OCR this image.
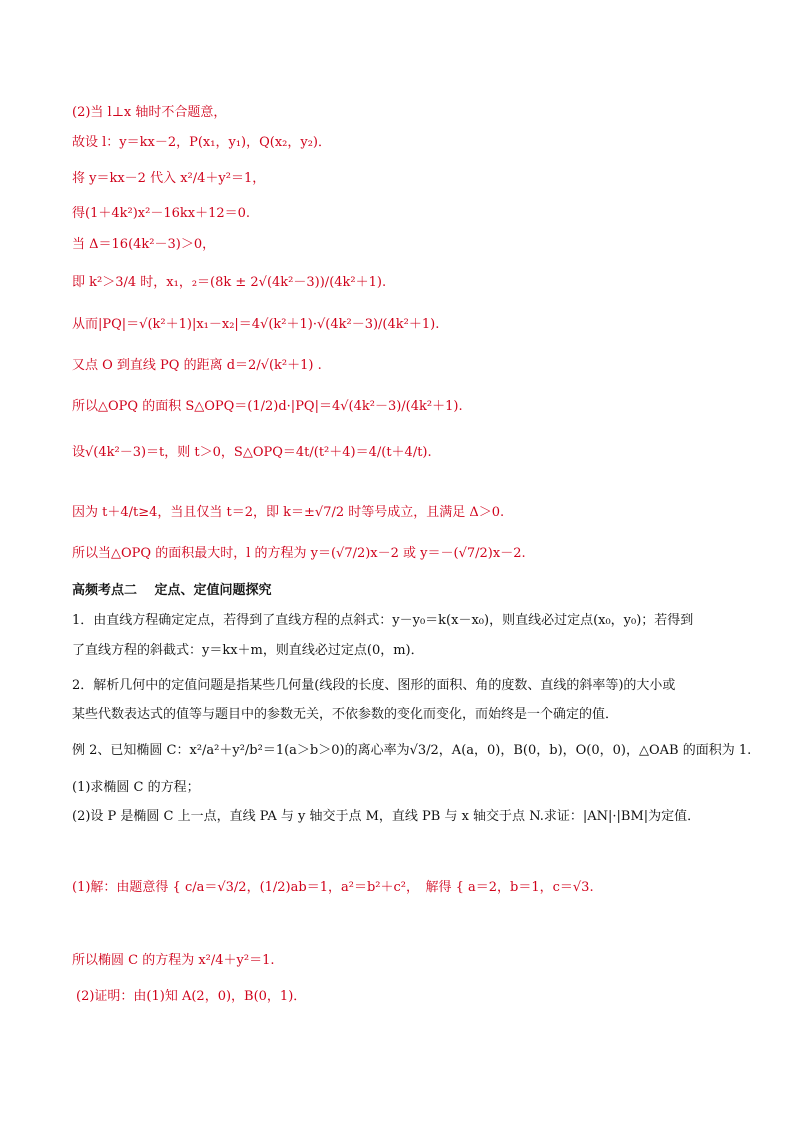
(2)当 l⊥x 轴时不合题意，
故设 l：y＝kx－2，P(x₁，y₁)，Q(x₂，y₂)．
将 y＝kx－2 代入 x²/4＋y²＝1，
得(1＋4k²)x²－16kx＋12＝0.
当 Δ＝16(4k²－3)＞0，
即 k²＞3/4 时，x₁，₂＝(8k ± 2√(4k²－3))/(4k²＋1).
从而|PQ|＝√(k²＋1)|x₁－x₂|＝4√(k²＋1)·√(4k²－3)/(4k²＋1).
又点 O 到直线 PQ 的距离 d＝2/√(k²＋1) .
所以△OPQ 的面积 S△OPQ＝(1/2)d·|PQ|＝4√(4k²－3)/(4k²＋1).
设√(4k²－3)＝t，则 t＞0，S△OPQ＝4t/(t²＋4)＝4/(t＋4/t).
因为 t＋4/t≥4，当且仅当 t＝2，即 k＝±√7/2 时等号成立，且满足 Δ＞0.
所以当△OPQ 的面积最大时，l 的方程为 y＝(√7/2)x－2 或 y＝－(√7/2)x－2.
高频考点二　 定点、定值问题探究
1．由直线方程确定定点，若得到了直线方程的点斜式：y－y₀＝k(x－x₀)，则直线必过定点(x₀，y₀)；若得到
了直线方程的斜截式：y＝kx＋m，则直线必过定点(0，m)．
2．解析几何中的定值问题是指某些几何量(线段的长度、图形的面积、角的度数、直线的斜率等)的大小或
某些代数表达式的值等与题目中的参数无关，不依参数的变化而变化，而始终是一个确定的值．
例 2、已知椭圆 C：x²/a²＋y²/b²＝1(a＞b＞0)的离心率为√3/2，A(a，0)，B(0，b)，O(0，0)，△OAB 的面积为 1.
(1)求椭圆 C 的方程；
(2)设 P 是椭圆 C 上一点，直线 PA 与 y 轴交于点 M，直线 PB 与 x 轴交于点 N.求证：|AN|·|BM|为定值．
(1)解：由题意得 { c/a＝√3/2，(1/2)ab＝1，a²＝b²＋c²，　解得 { a＝2，b＝1，c＝√3.
所以椭圆 C 的方程为 x²/4＋y²＝1.
(2)证明：由(1)知 A(2，0)，B(0，1)．
